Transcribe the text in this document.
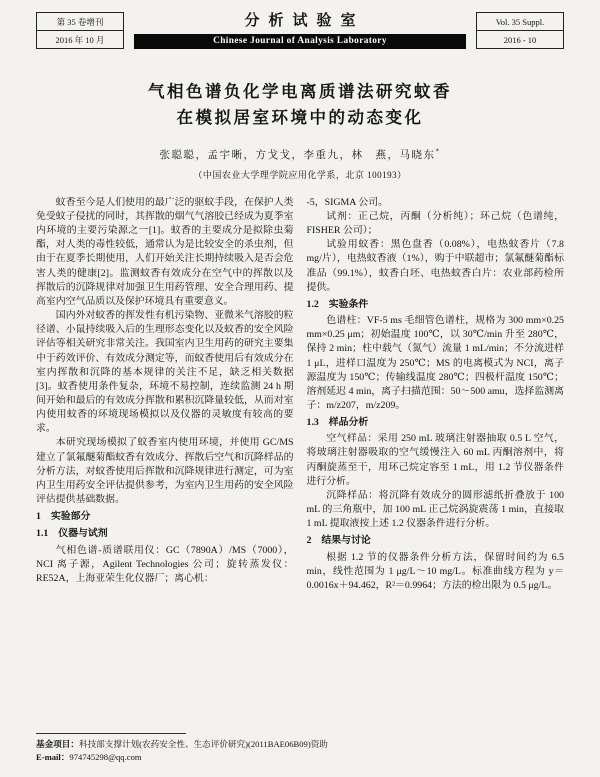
第 35 卷增刊
2016 年 10 月
分析试验室
Chinese Journal of Analysis Laboratory
Vol. 35 Suppl.
2016 - 10
气相色谱负化学电离质谱法研究蚊香
在模拟居室环境中的动态变化
张聪聪，孟宇晰，方戈戈，李重九，林　燕，马晓东*
（中国农业大学理学院应用化学系，北京 100193）

蚊香至今是人们使用的最广泛的驱蚊手段，在保护人类免受蚊子侵扰的同时，其挥散的烟气气溶胶已经成为夏季室内环境的主要污染源之一[1]。蚊香的主要成分是拟除虫菊酯，对人类的毒性较低，通常认为是比较安全的杀虫剂，但由于在夏季长期使用，人们开始关注长期持续吸入是否会危害人类的健康[2]。监测蚊香有效成分在空气中的挥散以及挥散后的沉降规律对加强卫生用药管理、安全合理用药、提高室内空气品质以及保护环境具有重要意义。

国内外对蚊香的挥发性有机污染物、亚微米气溶胶的粒径谱、小鼠持续吸入后的生理形态变化以及蚊香的安全风险评估等相关研究非常关注。我国室内卫生用药的研究主要集中于药效评价、有效成分测定等，而蚊香使用后有效成分在室内挥散和沉降的基本规律的关注不足，缺乏相关数据[3]。蚊香使用条件复杂，环境不易控制，连续监测 24 h 期间开始和最后的有效成分挥散和累积沉降量较低，从而对室内使用蚊香的环境现场模拟以及仪器的灵敏度有较高的要求。

本研究现场模拟了蚊香室内使用环境，并使用 GC/MS 建立了氯氟醚菊酯蚊香有效成分、挥散后空气和沉降样品的分析方法，对蚊香使用后挥散和沉降规律进行测定，可为室内卫生用药安全评估提供参考，为室内卫生用药的安全风险评估提供基础数据。

1　实验部分

1.1　仪器与试剂

气相色谱-质谱联用仪：GC（7890A）/MS（7000），NCI 离子源，Agilent Technologies 公司；旋转蒸发仪：RE52A，上海亚荣生化仪器厂；离心机：

-5，SIGMA 公司。

试剂：正己烷，丙酮（分析纯）；环己烷（色谱纯，FISHER 公司）；

试验用蚊香：黑色盘香（0.08%），电热蚊香片（7.8 mg/片），电热蚊香液（1%），购于中联超市；氯氟醚菊酯标准品（99.1%），蚊香白坯、电热蚊香白片：农业部药检所提供。

1.2　实验条件

色谱柱：VF-5 ms 毛细管色谱柱，规格为 300 mm×0.25 mm×0.25 μm；初始温度 100℃，以 30℃/min 升至 280℃，保持 2 min；柱中载气（氮气）流量 1 mL/min；不分流进样 1 μL，进样口温度为 250℃；MS 的电离模式为 NCI，离子源温度为 150℃；传输线温度 280℃；四极杆温度 150℃；溶剂延迟 4 min，离子扫描范围：50～500 amu，选择监测离子：m/z207，m/z209。

1.3　样品分析

空气样品：采用 250 mL 玻璃注射器抽取 0.5 L 空气，将玻璃注射器吸取的空气缓慢注入 60 mL 丙酮溶剂中，将丙酮旋蒸至干，用环己烷定容至 1 mL，用 1.2 节仪器条件进行分析。

沉降样品：将沉降有效成分的圆形滤纸折叠放于 100 mL 的三角瓶中，加 100 mL 正己烷涡旋震荡 1 min，直接取 1 mL 提取液按上述 1.2 仪器条件进行分析。

2　结果与讨论

根据 1.2 节的仪器条件分析方法，保留时间约为 6.5 min，线性范围为 1 μg/L～10 mg/L。标准曲线方程为 y＝0.0016x＋94.462，R²＝0.9964；方法的检出限为 0.5 μg/L。

基金项目：科技部支撑计划(农药安全性、生态评价研究)(2011BAE06B09)资助
E-mail：974745298@qq.com
